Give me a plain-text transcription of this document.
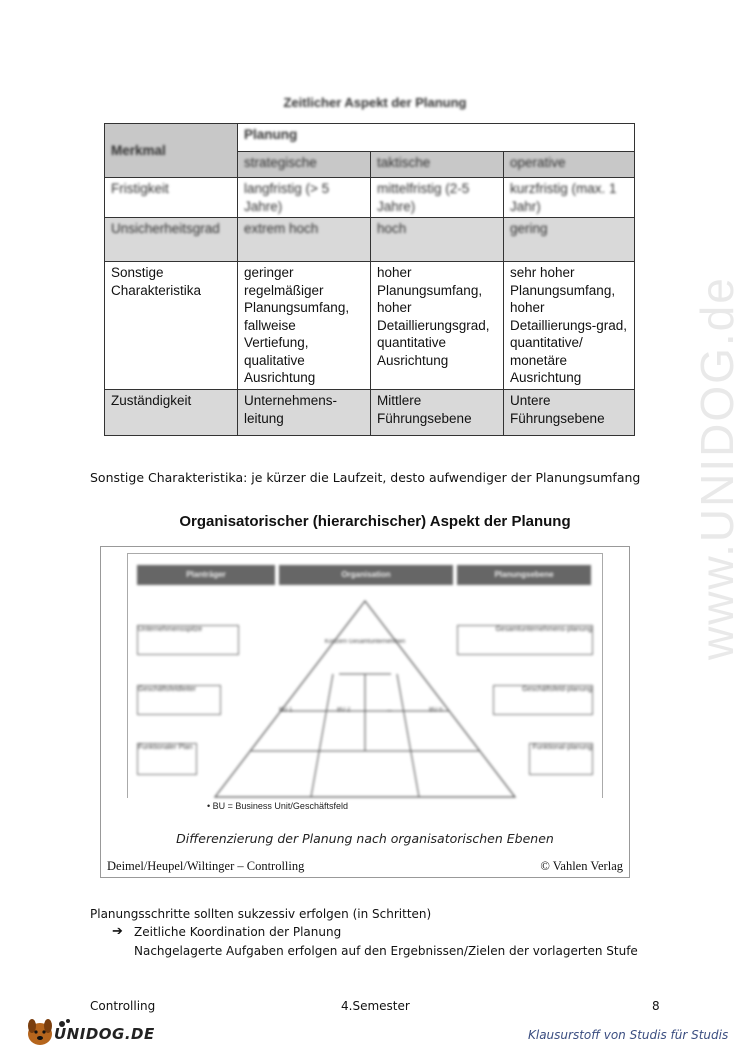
Zeitlicher Aspekt der Planung
Merkmal	Planung		
	strategische	taktische	operative
Fristigkeit	langfristig (> 5 Jahre)	mittelfristig (2-5 Jahre)	kurzfristig (max. 1 Jahr)
Unsicherheitsgrad	extrem hoch	hoch	gering
Sonstige Charakteristika	geringer regelmäßiger Planungsumfang, fallweise Vertiefung, qualitative Ausrichtung	hoher Planungsumfang, hoher Detaillierungsgrad, quantitative Ausrichtung	sehr hoher Planungsumfang, hoher Detaillierungs-grad, quantitative/ monetäre Ausrichtung
Zuständigkeit	Unternehmens-leitung	Mittlere Führungsebene	Untere Führungsebene www.UNIDOG.de
Sonstige Charakteristika: je kürzer die Laufzeit, desto aufwendiger der Planungsumfang
Organisatorischer (hierarchischer) Aspekt der Planung
Planträger	Organisation	Planungsebene
Konzern Gesamtunternehmen
BU 1	BU 2	...	BU n
Unternehmensspitze
Geschäftsfeldleiter
Funktionaler Plan
Gesamtunternehmens-planung
Geschäftsfeld-planung
Funktional-planung
• BU = Business Unit/Geschäftsfeld
Differenzierung der Planung nach organisatorischen Ebenen
Deimel/Heupel/Wiltinger – Controlling	© Vahlen Verlag
Planungsschritte sollten sukzessiv erfolgen (in Schritten)
➔ Zeitliche Koordination der Planung
Nachgelagerte Aufgaben erfolgen auf den Ergebnissen/Zielen der vorlagerten Stufe
Controlling	4.Semester	8
UNIDOG.DE	Klausurstoff von Studis für Studis
